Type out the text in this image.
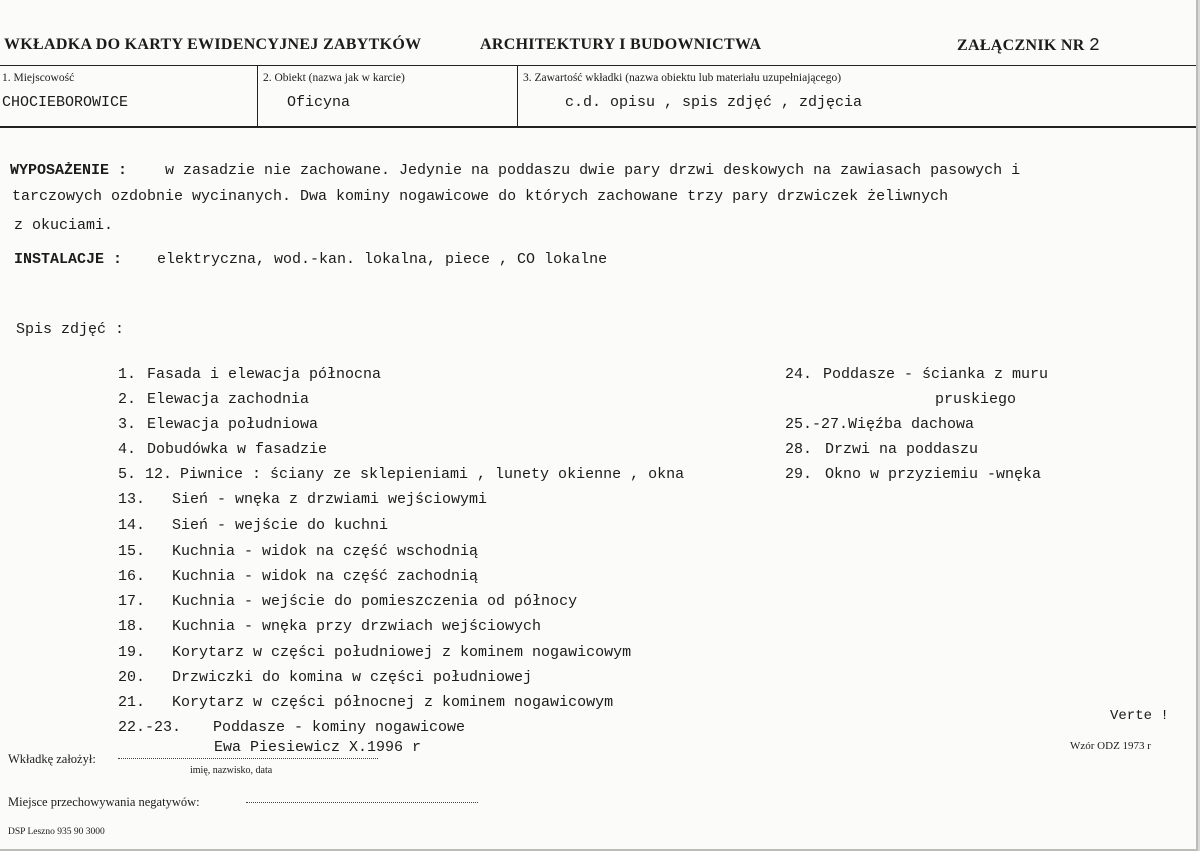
WKŁADKA DO KARTY EWIDENCYJNEJ ZABYTKÓW	ARCHITEKTURY I BUDOWNICTWA	ZAŁĄCZNIK NR 2
1. Miejscowość
CHOCIEBOROWICE
2. Obiekt (nazwa jak w karcie)
Oficyna
3. Zawartość wkładki (nazwa obiektu lub materiału uzupełniającego)
c.d. opisu , spis zdjęć , zdjęcia
WYPOSAŻENIE :	w zasadzie nie zachowane. Jedynie na poddaszu dwie pary drzwi deskowych na zawiasach pasowych i
tarczowych ozdobnie wycinanych. Dwa kominy nogawicowe do których zachowane trzy pary drzwiczek żeliwnych
z okuciami.
INSTALACJE : elektryczna, wod.-kan. lokalna, piece , CO lokalne
Spis zdjęć :
1. Fasada i elewacja północna
2. Elewacja zachodnia
3. Elewacja południowa
4. Dobudówka w fasadzie
5. 12. Piwnice : ściany ze sklepieniami , lunety okienne , okna
13. Sień - wnęka z drzwiami wejściowymi
14. Sień - wejście do kuchni
15. Kuchnia - widok na część wschodnią
16. Kuchnia - widok na część zachodnią
17. Kuchnia - wejście do pomieszczenia od północy
18. Kuchnia - wnęka przy drzwiach wejściowych
19. Korytarz w części południowej z kominem nogawicowym
20. Drzwiczki do komina w części południowej
21. Korytarz w części północnej z kominem nogawicowym
22.-23. Poddasze - kominy nogawicowe
24. Poddasze - ścianka z muru
pruskiego
25.-27. Więźba dachowa
28. Drzwi na poddaszu
29. Okno w przyziemiu -wnęka
Verte !
Wzór ODZ 1973 r
Wkładkę założył:
Ewa Piesiewicz X.1996 r
imię, nazwisko, data
Miejsce przechowywania negatywów:
DSP Leszno 935 90 3000
